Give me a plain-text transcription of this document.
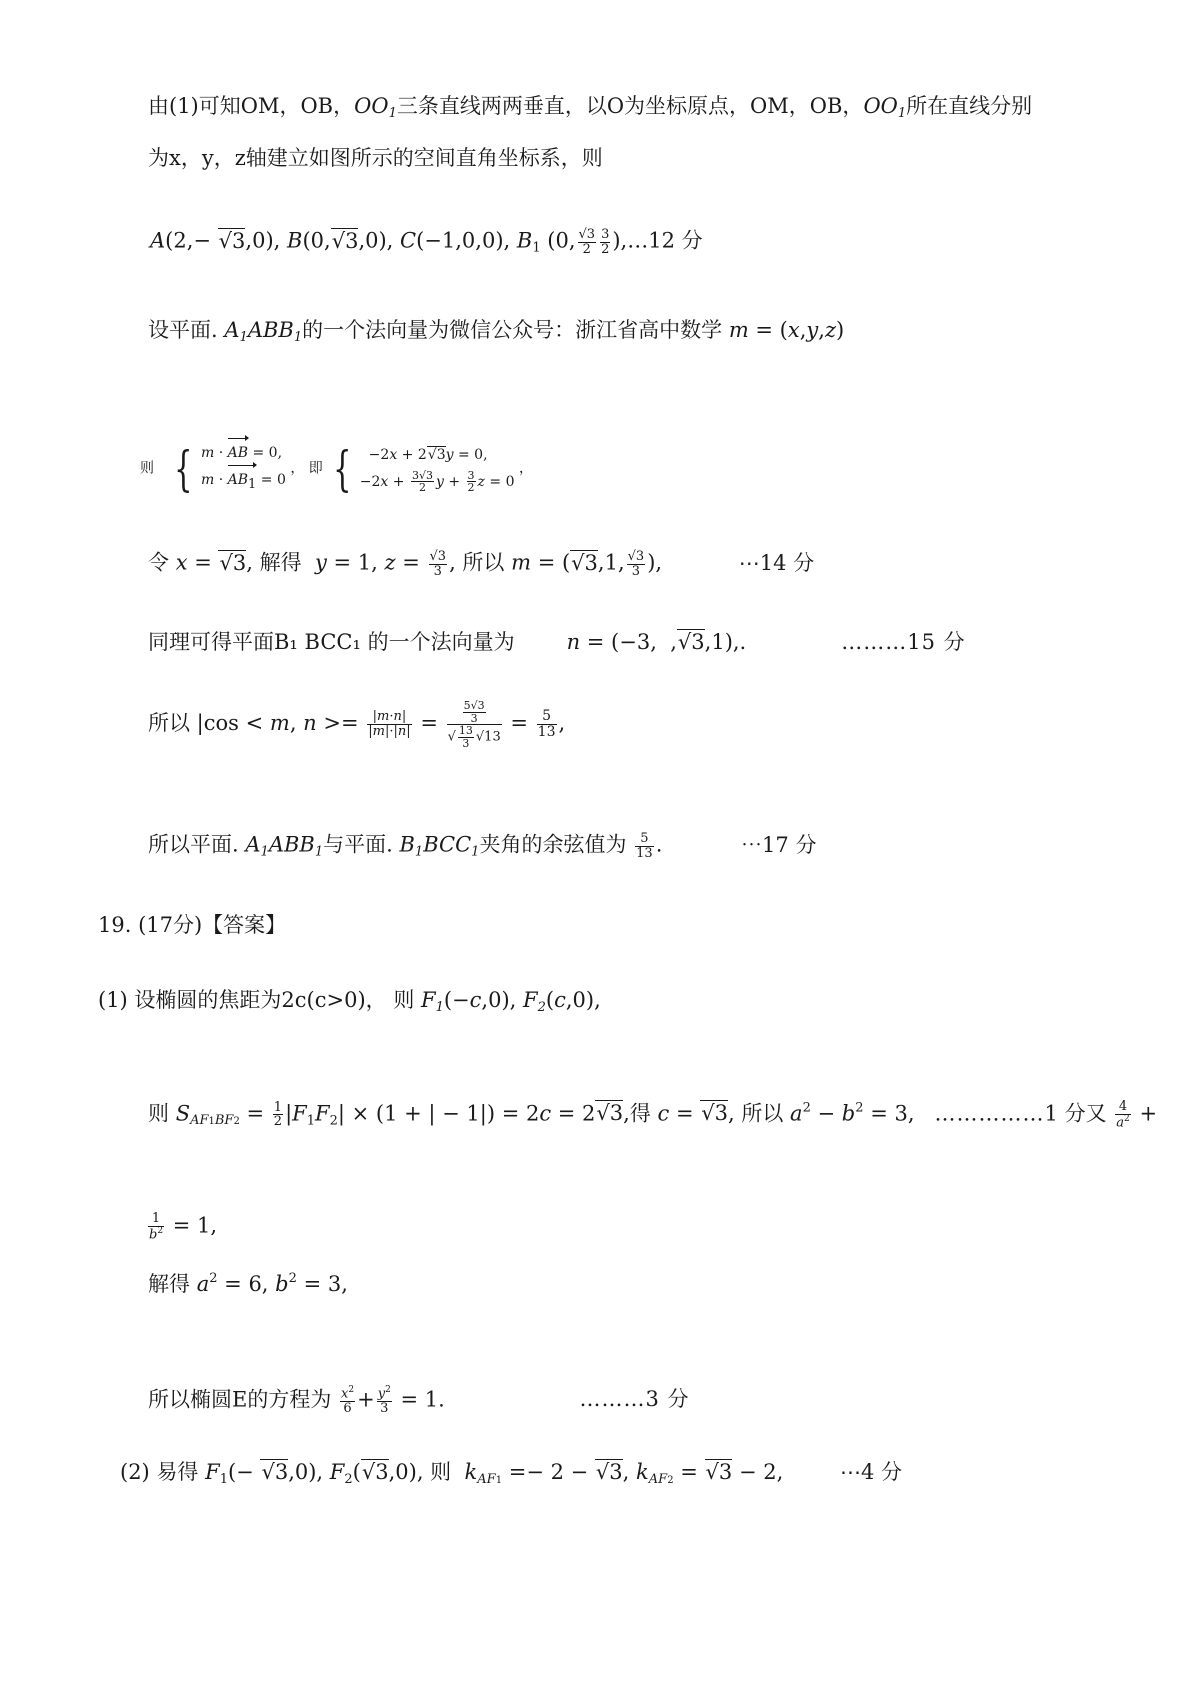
由(1)可知OM，OB，$OO_1$三条直线两两垂直，以O为坐标原点，OM，OB，$OO_1$所在直线分别
为x，y，z轴建立如图所示的空间直角坐标系，则
A(2,− √3,0), B(0,√3,0), C(−1,0,0), $B_1$ (0, $\frac{√3}{2} \frac{3}{2}$ ),…12 分
设平面. $A_1ABB_1$的一个法向量为微信公众号：浙江省高中数学 m = (x,y,z)
则 { m · AB = 0,
m · AB1 = 0
， 即 { −2x + 2√3y = 0,
$-2x + \frac{3√3}{2}$ $y + \frac{3}{2}$ z = 0
，
令 x = √3, 解得  y = 1, $z = \frac{√3}{3}$ , 所以 m = (√3,1, $\frac{√3}{3}$ ),	⋯14 分
同理可得平面B₁ BCC₁ 的一个法向量为 n = (−3,  ,√3,1),.	………15 分
所以 |cos < m, $n >= \frac{|m\cdot n|}{|m|\cdot|n|} = \frac{\frac{5√3}{3}}{√ \frac{13}{3} √13} = \frac{5}{13}$ ,
所以平面. $A_1ABB_1$与平面. $B_1BCC_1$夹角的余弦值为 $\frac{5}{13}$ .	⋯17 分
19. (17分)【答案】
(1) 设椭圆的焦距为2c(c>0)， 则 $F_1(-c,0)$, $F_2(c,0)$,
则 $S_{AF1BF2} = \frac{1}{2} |F_1F_2| \times (1$ + | − 1|) = 2c = 2√3,得 c = √3, 所以 $a^2 - b^2 = 3$,   ……………1 分又 $\frac{4}{a^2}$ +
$\frac{1}{b^2} = 1$,
解得 $a^2 = 6$, $b^2 = 3$,
所以椭圆E的方程为 $\frac{x^2}{6} + \frac{y^2}{3} = 1$.	………3 分
(2) 易得 $F_1(- √3,0)$, $F_2(√3,0)$, 则  $k_{AF1} =- 2 - √3$, $k_{AF2} = √3 - 2$, ⋯4 分
